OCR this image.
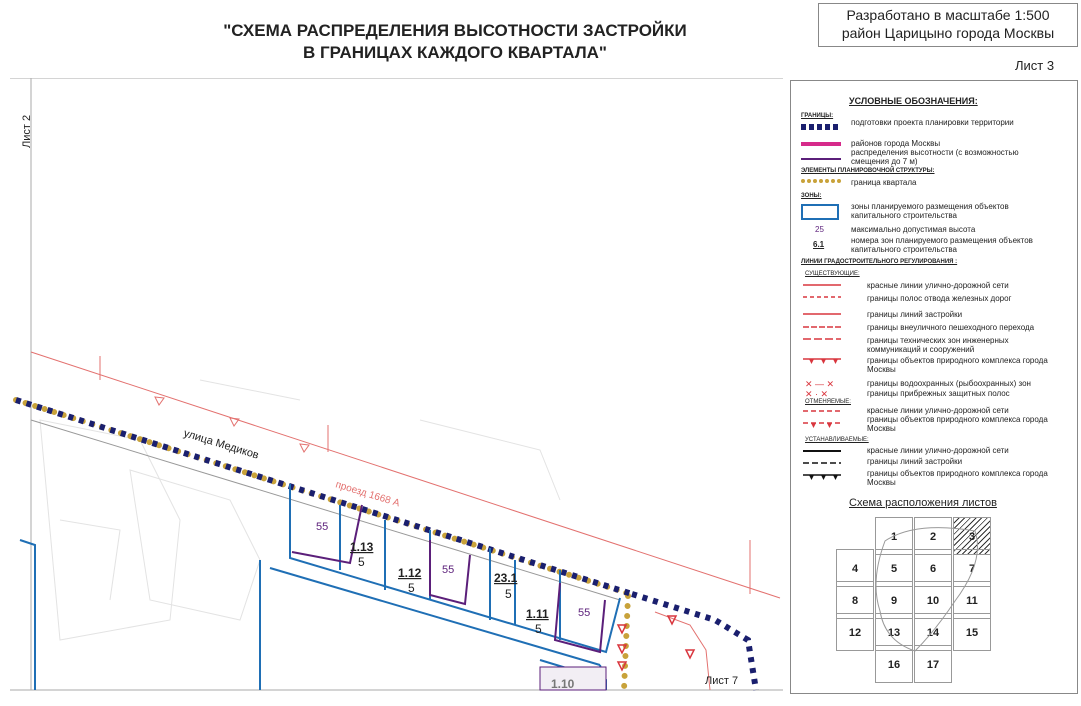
"СХЕМА РАСПРЕДЕЛЕНИЯ ВЫСОТНОСТИ ЗАСТРОЙКИ
В ГРАНИЦАХ КАЖДОГО КВАРТАЛА"
Разработано в масштабе 1:500
район Царицыно города Москвы
Лист 3
улица Медиков
проезд 1668 А
55
1.13
5
1.12
5
55
23.1
5
1.11
5
55
1.10	Лист 7
Лист 2
УСЛОВНЫЕ ОБОЗНАЧЕНИЯ:
ГРАНИЦЫ:
подготовки проекта планировки территории
районов города Москвы
распределения высотности (с возможностью смещения до 7 м)
ЭЛЕМЕНТЫ ПЛАНИРОВОЧНОЙ СТРУКТУРЫ:
граница квартала
ЗОНЫ:
зоны планируемого размещения объектов капитального строительства
25	максимально допустимая высота
6.1	номера зон планируемого размещения объектов капитального строительства
ЛИНИИ ГРАДОСТРОИТЕЛЬНОГО РЕГУЛИРОВАНИЯ :
СУЩЕСТВУЮЩИЕ:
✕ — ✕
✕ · ✕
красные линии улично-дорожной сети
границы полос отвода железных дорог
границы линий застройки
границы внеуличного пешеходного перехода
границы технических зон инженерных коммуникаций и сооружений
границы объектов природного комплекса города Москвы
границы водоохранных (рыбоохранных) зон
границы прибрежных защитных полос
ОТМЕНЯЕМЫЕ:
красные линии улично-дорожной сети
границы объектов природного комплекса города Москвы
УСТАНАВЛИВАЕМЫЕ:
красные линии улично-дорожной сети
границы линий застройки
границы объектов природного комплекса города Москвы
Схема расположения листов
1	2	3
4	5	6	7
8	9	10	11
12	13	14	15
16	17
